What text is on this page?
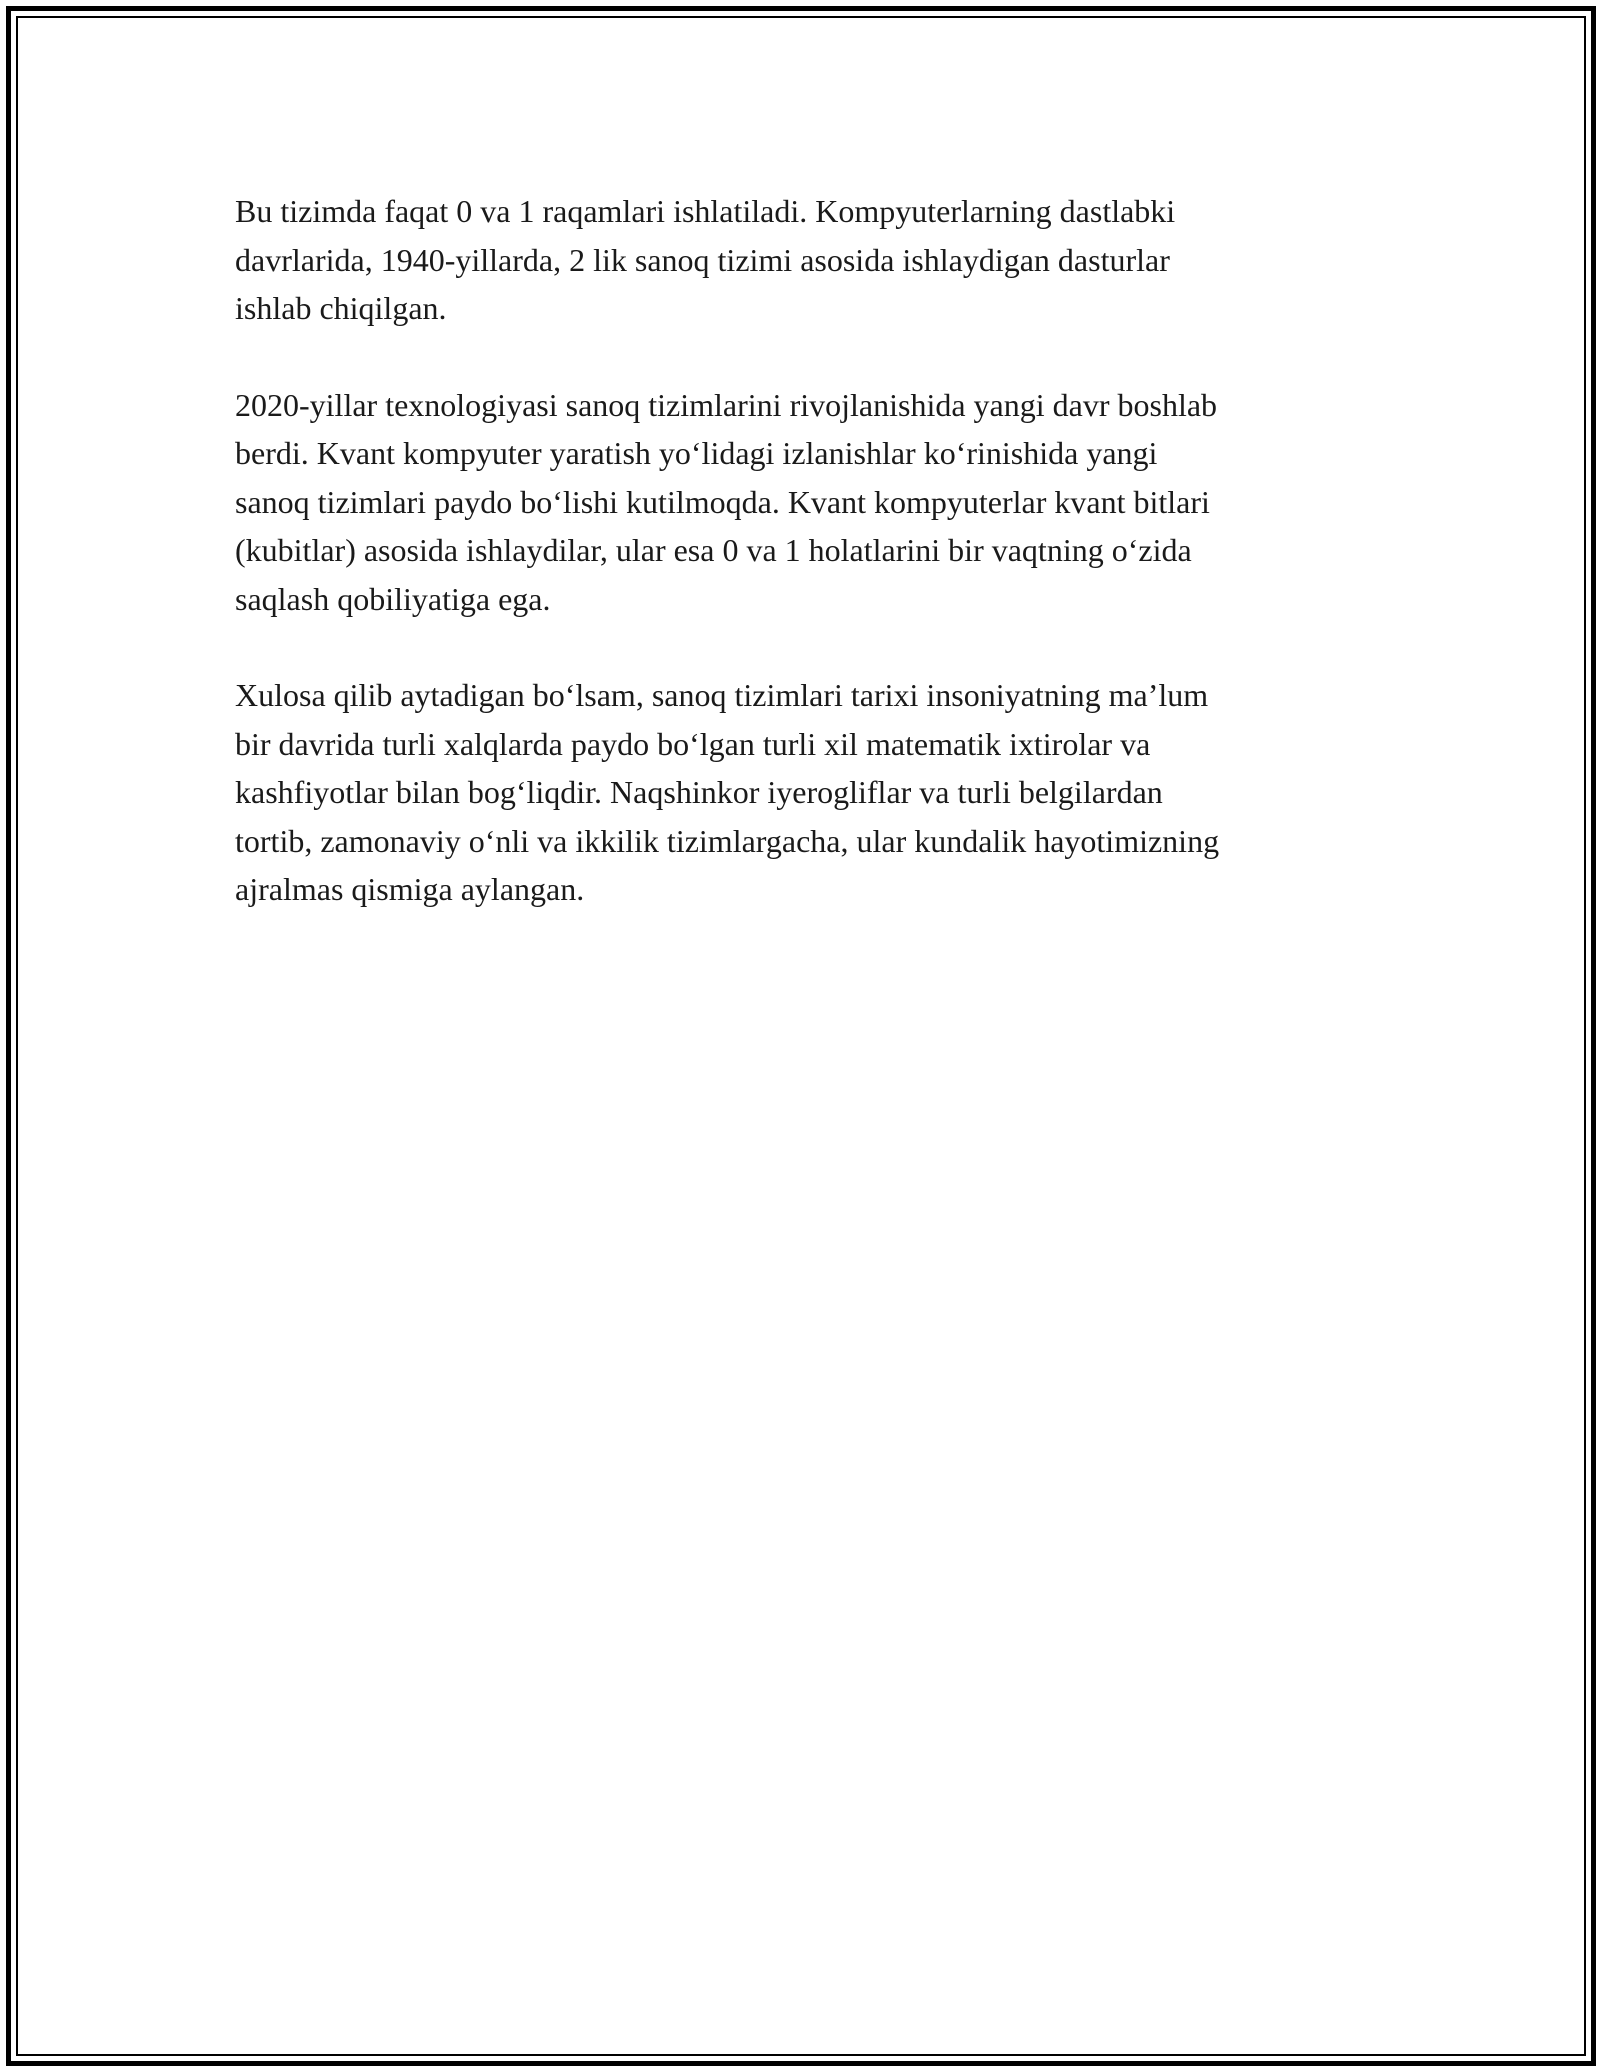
Bu tizimda faqat 0 va 1 raqamlari ishlatiladi. Kompyuterlarning dastlabki
davrlarida, 1940-yillarda, 2 lik sanoq tizimi asosida ishlaydigan dasturlar
ishlab chiqilgan.

2020-yillar texnologiyasi sanoq tizimlarini rivojlanishida yangi davr boshlab
berdi. Kvant kompyuter yaratish yoʻlidagi izlanishlar koʻrinishida yangi
sanoq tizimlari paydo boʻlishi kutilmoqda. Kvant kompyuterlar kvant bitlari
(kubitlar) asosida ishlaydilar, ular esa 0 va 1 holatlarini bir vaqtning oʻzida
saqlash qobiliyatiga ega.

Xulosa qilib aytadigan boʻlsam, sanoq tizimlari tarixi insoniyatning maʼlum
bir davrida turli xalqlarda paydo boʻlgan turli xil matematik ixtirolar va
kashfiyotlar bilan bogʻliqdir. Naqshinkor iyerogliflar va turli belgilardan
tortib, zamonaviy oʻnli va ikkilik tizimlargacha, ular kundalik hayotimizning
ajralmas qismiga aylangan.
